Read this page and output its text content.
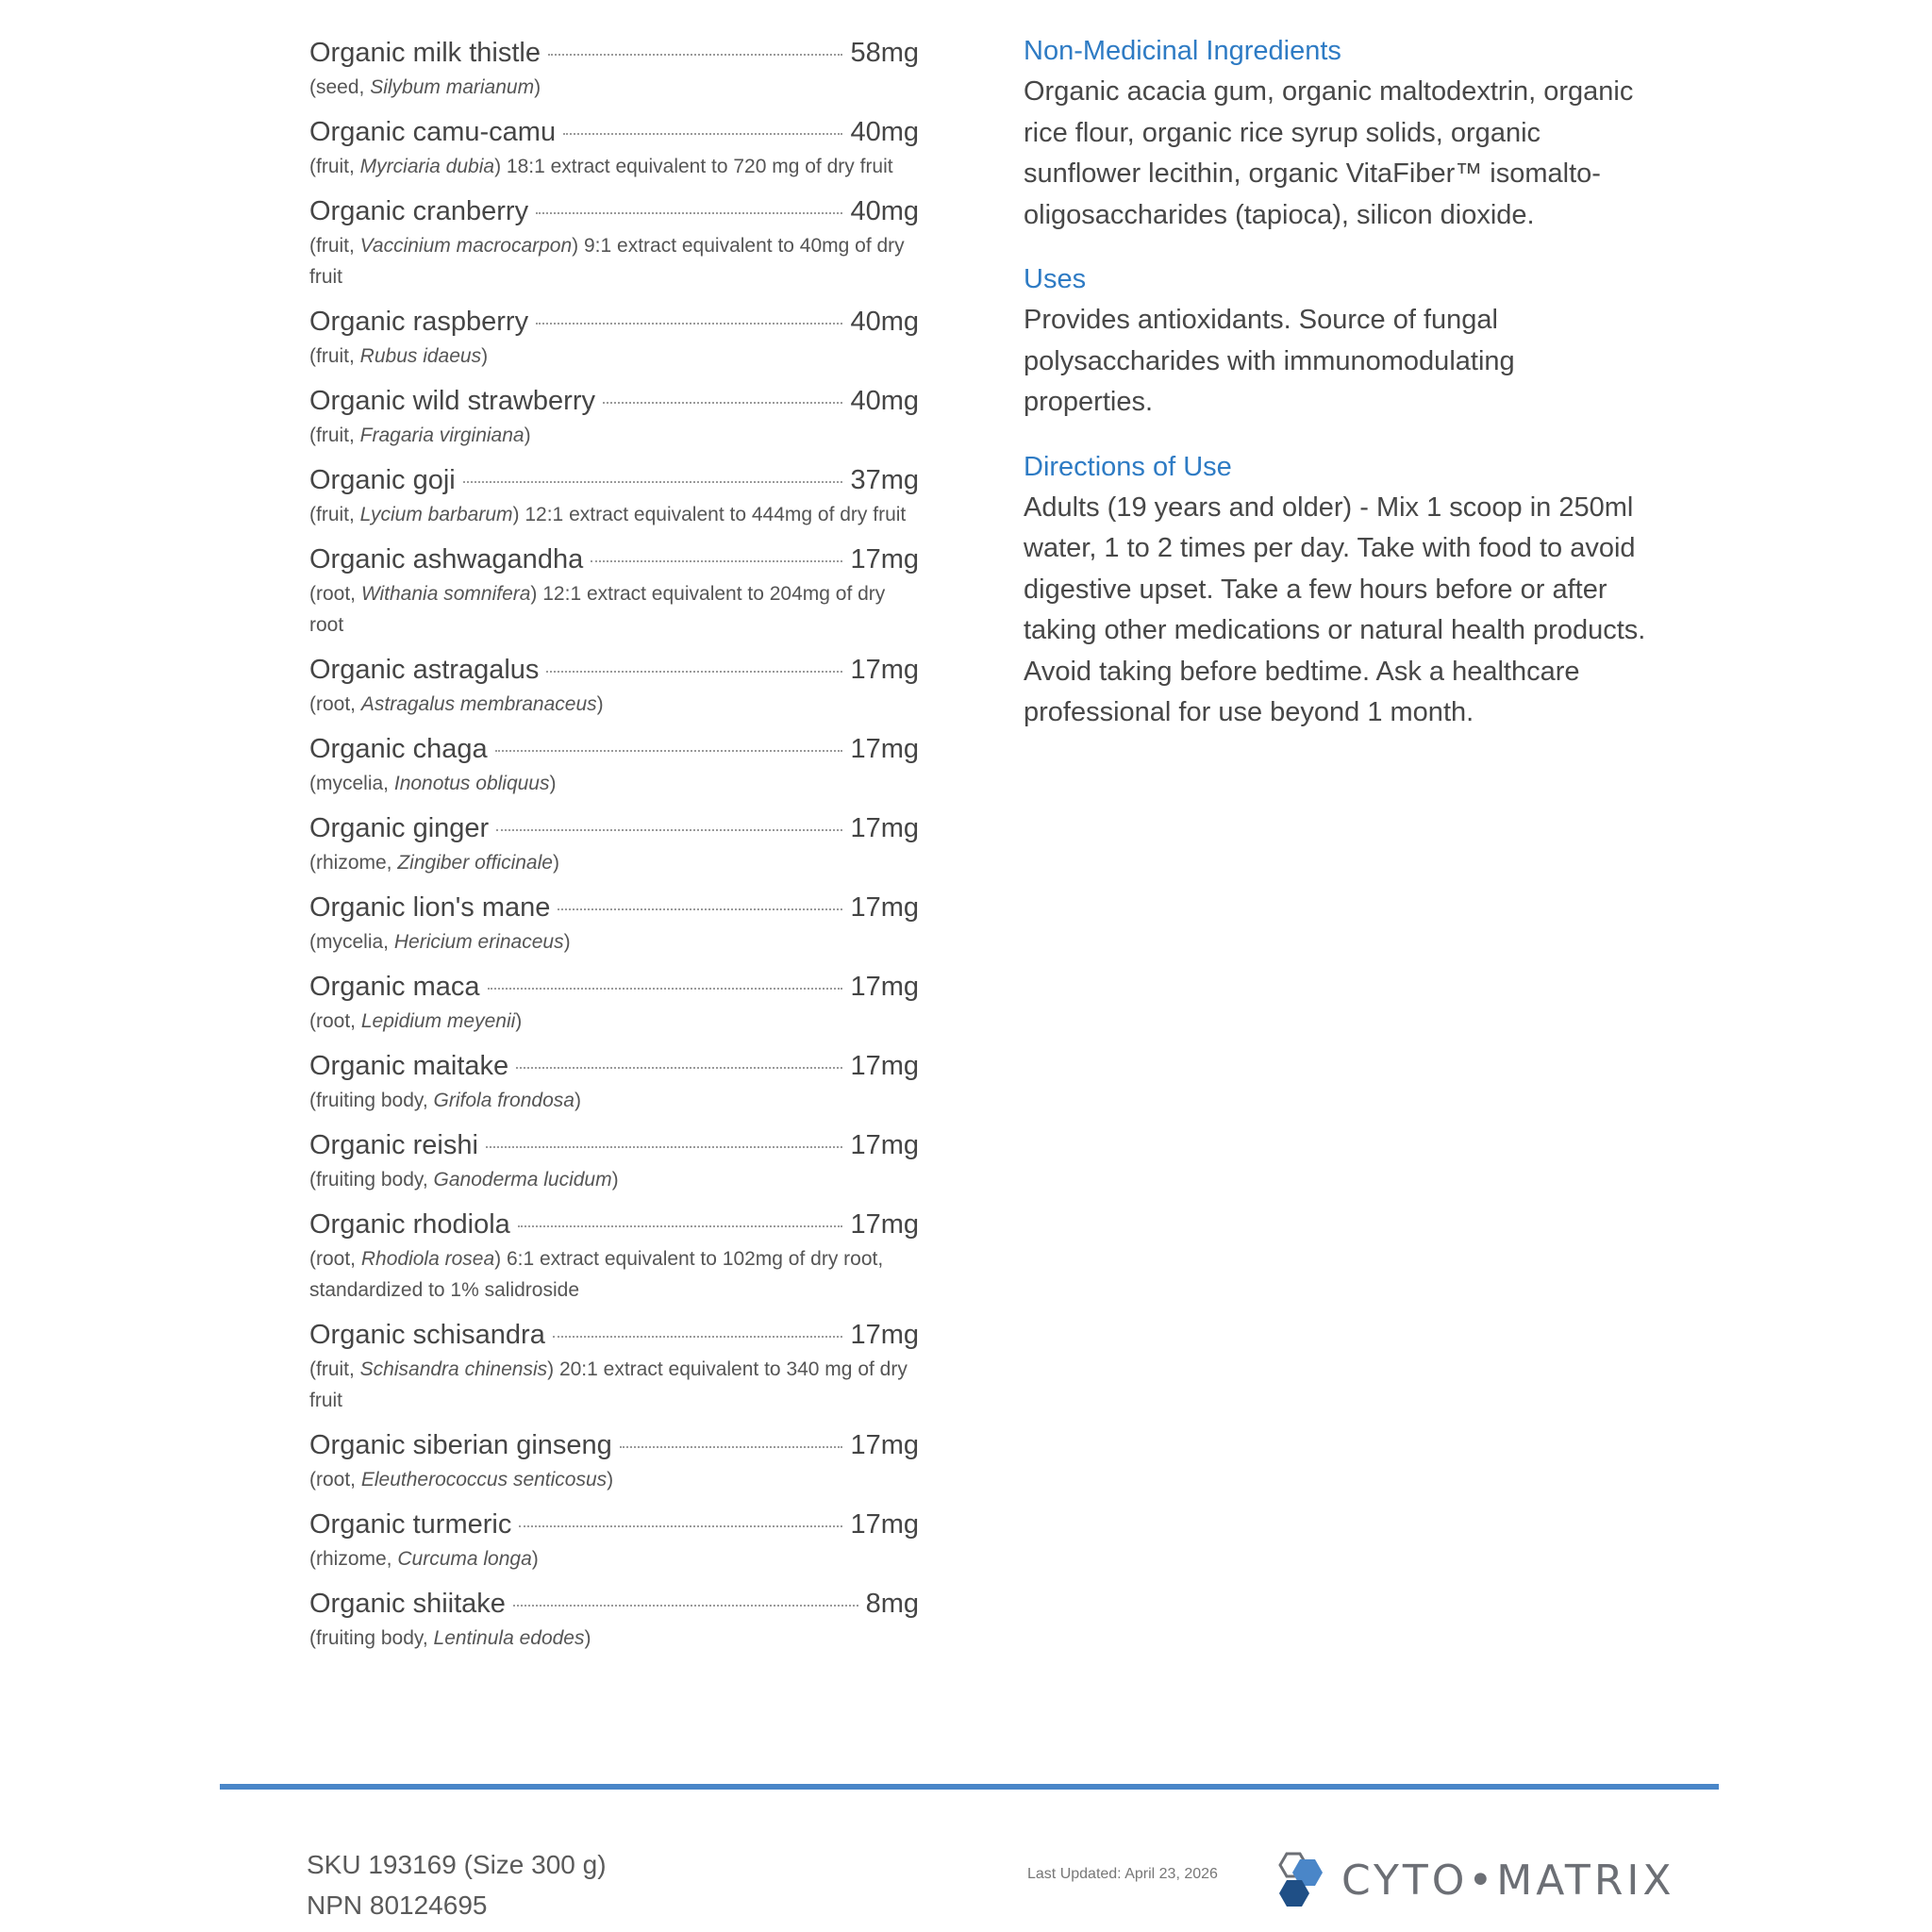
Organic milk thistle	58mg
(seed, Silybum marianum)
Organic camu-camu	40mg
(fruit, Myrciaria dubia) 18:1 extract equivalent to 720 mg of dry fruit
Organic cranberry	40mg
(fruit, Vaccinium macrocarpon) 9:1 extract equivalent to 40mg of dry fruit
Organic raspberry	40mg
(fruit, Rubus idaeus)
Organic wild strawberry	40mg
(fruit, Fragaria virginiana)
Organic goji	37mg
(fruit, Lycium barbarum) 12:1 extract equivalent to 444mg of dry fruit
Organic ashwagandha	17mg
(root, Withania somnifera) 12:1 extract equivalent to 204mg of dry root
Organic astragalus	17mg
(root, Astragalus membranaceus)
Organic chaga	17mg
(mycelia, Inonotus obliquus)
Organic ginger	17mg
(rhizome, Zingiber officinale)
Organic lion's mane	17mg
(mycelia, Hericium erinaceus)
Organic maca	17mg
(root, Lepidium meyenii)
Organic maitake	17mg
(fruiting body, Grifola frondosa)
Organic reishi	17mg
(fruiting body, Ganoderma lucidum)
Organic rhodiola	17mg
(root, Rhodiola rosea) 6:1 extract equivalent to 102mg of dry root, standardized to 1% salidroside
Organic schisandra	17mg
(fruit, Schisandra chinensis) 20:1 extract equivalent to 340 mg of dry fruit
Organic siberian ginseng	17mg
(root, Eleutherococcus senticosus)
Organic turmeric	17mg
(rhizome, Curcuma longa)
Organic shiitake	8mg
(fruiting body, Lentinula edodes)
Non-Medicinal Ingredients
Organic acacia gum, organic maltodextrin, organic rice flour, organic rice syrup solids, organic sunflower lecithin, organic VitaFiber™ isomalto-oligosaccharides (tapioca), silicon dioxide.
Uses
Provides antioxidants. Source of fungal polysaccharides with immunomodulating properties.
Directions of Use
Adults (19 years and older) - Mix 1 scoop in 250ml water, 1 to 2 times per day. Take with food to avoid digestive upset. Take a few hours before or after taking other medications or natural health products. Avoid taking before bedtime. Ask a healthcare professional for use beyond 1 month.
SKU 193169 (Size 300 g)
NPN 80124695
Last Updated: April 23, 2026	CYTO•MATRIX
